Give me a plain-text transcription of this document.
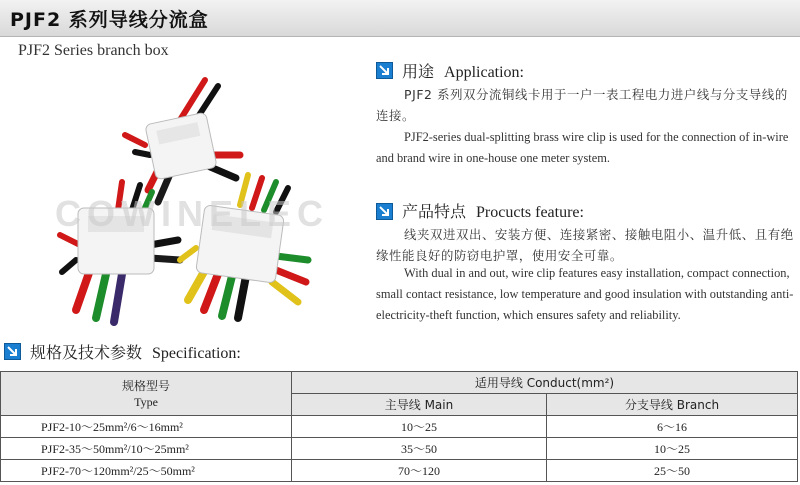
PJF2 系列导线分流盒
PJF2 Series branch box
COWINELEC
用途 Application:
PJF2 系列双分流铜线卡用于一户一表工程电力进户线与分支导线的连接。
PJF2-series dual-splitting brass wire clip is used for the connection of in-wire and brand wire in one-house one meter system.
产品特点 Procucts feature:
线夹双进双出、安装方便、连接紧密、接触电阻小、温升低、且有绝缘性能良好的防窃电护罩，使用安全可靠。
With dual in and out, wire clip features easy installation, compact connection, small contact resistance, low temperature and good insulation with outstanding anti-electricity-theft function, which ensures safety and reliability.
规格及技术参数 Specification:
规格型号
Type	适用导线 Conduct(mm²)	
	主导线 Main	分支导线 Branch
PJF2-10～25mm²/6～16mm²	10～25	6～16
PJF2-35～50mm²/10～25mm²	35～50	10～25
PJF2-70～120mm²/25～50mm²	70～120	25～50
